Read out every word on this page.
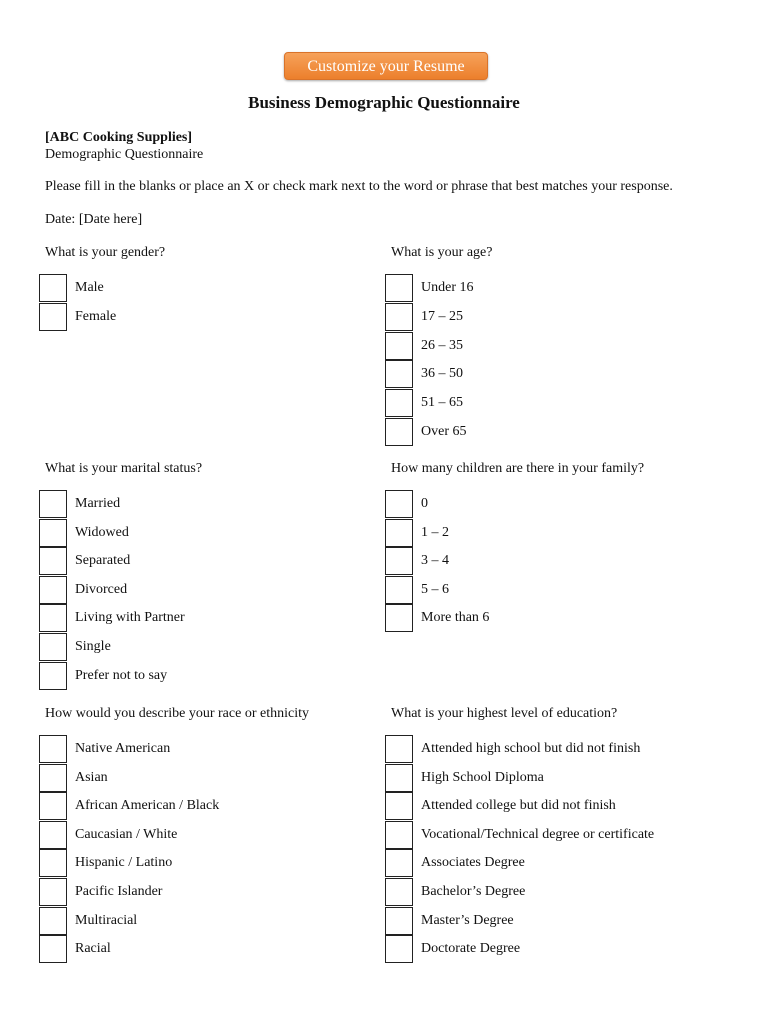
Customize your Resume
Business Demographic Questionnaire
[ABC Cooking Supplies]
Demographic Questionnaire
Please fill in the blanks or place an X or check mark next to the word or phrase that best matches your response.
Date: [Date here]
What is your gender?
Male
Female
What is your age?
Under 16
17 – 25
26 – 35
36 – 50
51 – 65
Over 65
What is your marital status?
Married
Widowed
Separated
Divorced
Living with Partner
Single
Prefer not to say
How many children are there in your family?
0
1 – 2
3 – 4
5 – 6
More than 6
How would you describe your race or ethnicity
Native American
Asian
African American / Black
Caucasian / White
Hispanic / Latino
Pacific Islander
Multiracial
Racial
What is your highest level of education?
Attended high school but did not finish
High School Diploma
Attended college but did not finish
Vocational/Technical degree or certificate
Associates Degree
Bachelor’s Degree
Master’s Degree
Doctorate Degree
